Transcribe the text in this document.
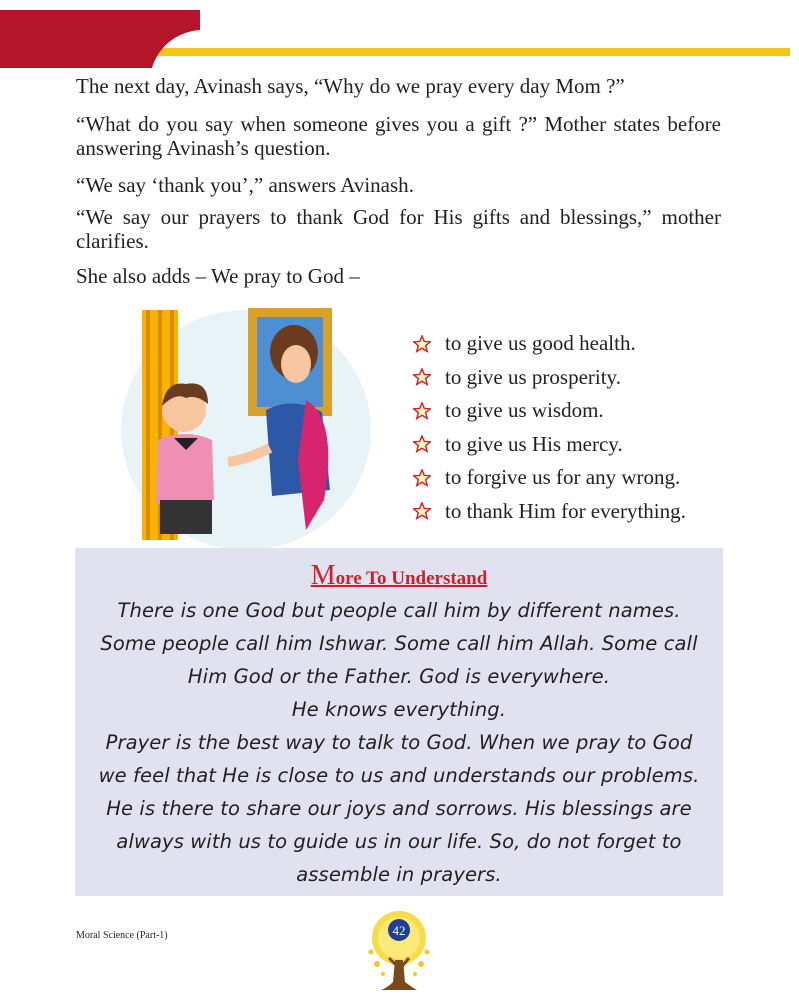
The next day, Avinash says, “Why do we pray every day Mom ?”

“What do you say when someone gives you a gift ?” Mother states before answering Avinash’s question.

“We say ‘thank you’,” answers Avinash.

“We say our prayers to thank God for His gifts and blessings,” mother clarifies.

She also adds – We pray to God –

to give us good health.
to give us prosperity.
to give us wisdom.
to give us His mercy.
to forgive us for any wrong.
to thank Him for everything.
More To Understand
There is one God but people call him by different names.
Some people call him Ishwar. Some call him Allah. Some call
Him God or the Father. God is everywhere.
He knows everything.
Prayer is the best way to talk to God. When we pray to God
we feel that He is close to us and understands our problems.
He is there to share our joys and sorrows. His blessings are
always with us to guide us in our life. So, do not forget to
assemble in prayers.
Moral Science (Part-1)	42
